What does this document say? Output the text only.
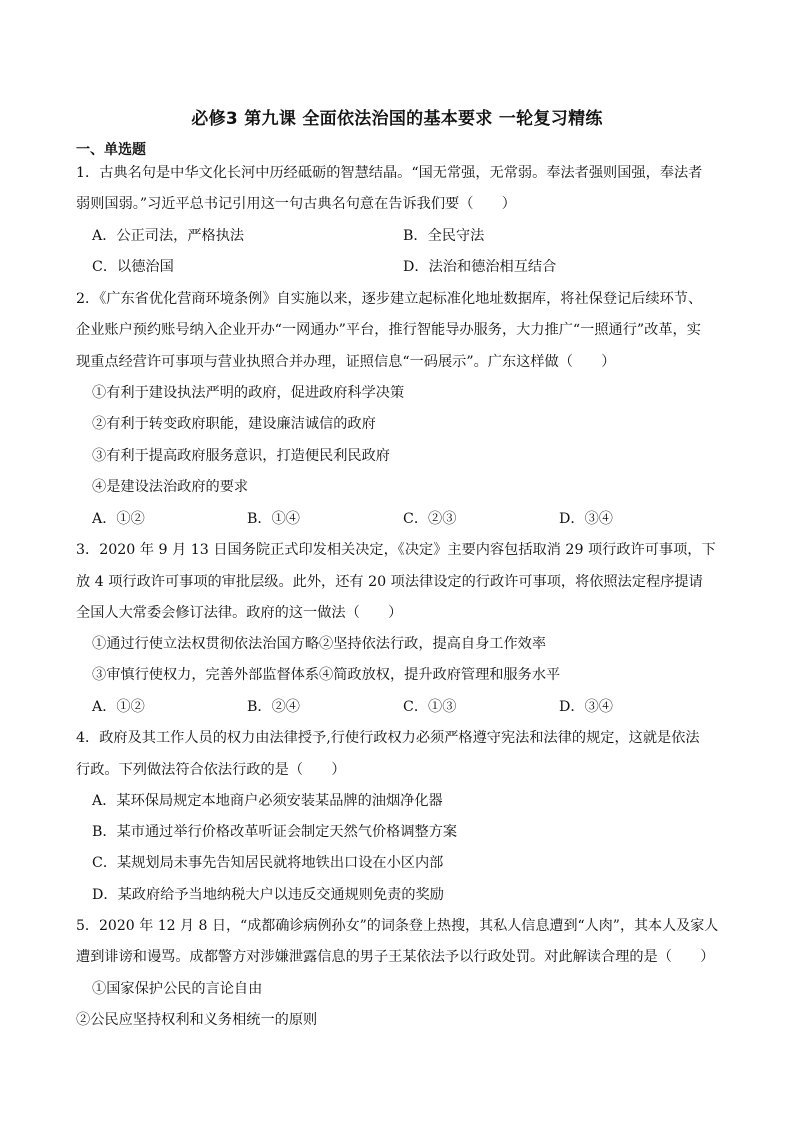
必修3 第九课 全面依法治国的基本要求 一轮复习精练
一、单选题
1．古典名句是中华文化长河中历经砥砺的智慧结晶。“国无常强，无常弱。奉法者强则国强，奉法者
弱则国弱。”习近平总书记引用这一句古典名句意在告诉我们要（　　）
A．公正司法，严格执法	B．全民守法
C．以德治国	D．法治和德治相互结合
2．《广东省优化营商环境条例》自实施以来，逐步建立起标准化地址数据库，将社保登记后续环节、
企业账户预约账号纳入企业开办“一网通办”平台，推行智能导办服务，大力推广“一照通行”改革，实
现重点经营许可事项与营业执照合并办理，证照信息“一码展示”。广东这样做（　　）
①有利于建设执法严明的政府，促进政府科学决策
②有利于转变政府职能，建设廉洁诚信的政府
③有利于提高政府服务意识，打造便民利民政府
④是建设法治政府的要求
A．①②	B．①④	C．②③	D．③④
3．2020 年 9 月 13 日国务院正式印发相关决定，《决定》主要内容包括取消 29 项行政许可事项，下
放 4 项行政许可事项的审批层级。此外，还有 20 项法律设定的行政许可事项，将依照法定程序提请
全国人大常委会修订法律。政府的这一做法（　　）
①通过行使立法权贯彻依法治国方略②坚持依法行政，提高自身工作效率
③审慎行使权力，完善外部监督体系④简政放权，提升政府管理和服务水平
A．①②	B．②④	C．①③	D．③④
4．政府及其工作人员的权力由法律授予,行使行政权力必须严格遵守宪法和法律的规定，这就是依法
行政。下列做法符合依法行政的是（　　）
A．某环保局规定本地商户必须安装某品牌的油烟净化器
B．某市通过举行价格改革听证会制定天然气价格调整方案
C．某规划局未事先告知居民就将地铁出口设在小区内部
D．某政府给予当地纳税大户以违反交通规则免责的奖励
5．2020 年 12 月 8 日，“成都确诊病例孙女”的词条登上热搜，其私人信息遭到“人肉”，其本人及家人
遭到诽谤和谩骂。成都警方对涉嫌泄露信息的男子王某依法予以行政处罚。对此解读合理的是（　　）
①国家保护公民的言论自由
②公民应坚持权利和义务相统一的原则
